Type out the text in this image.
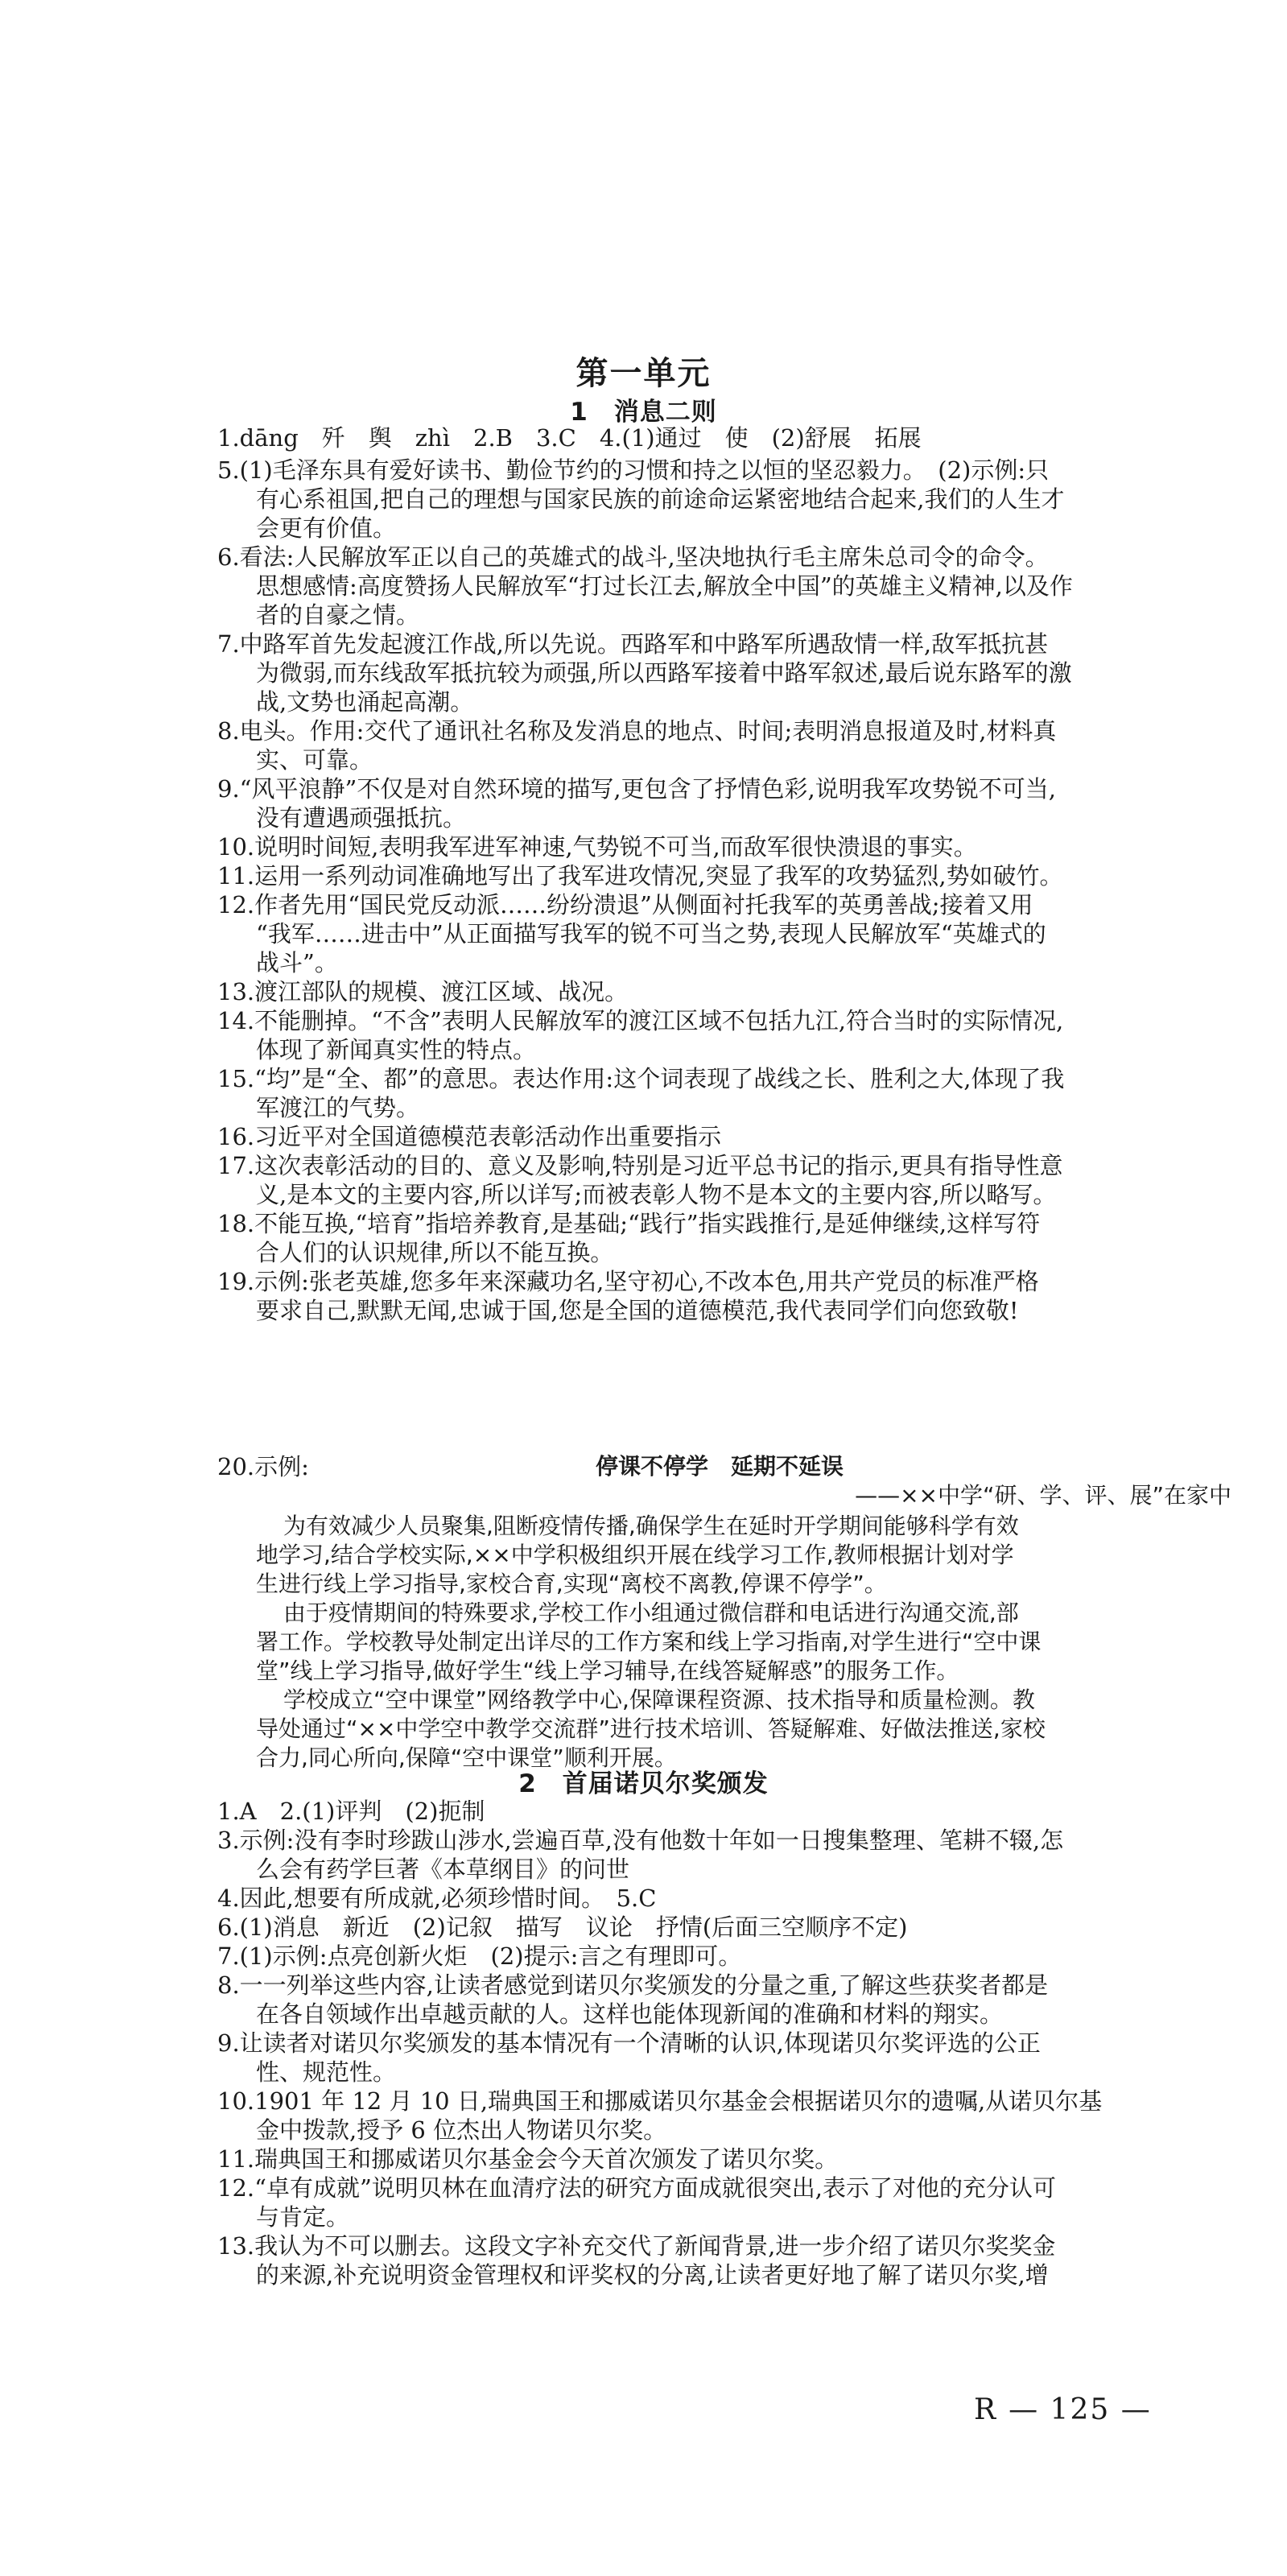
第一单元
1　消息二则
1.dāng　歼　舆　zhì　2.B　3.C　4.(1)通过　使　(2)舒展　拓展
5.(1)毛泽东具有爱好读书、勤俭节约的习惯和持之以恒的坚忍毅力。　(2)示例:只
有心系祖国,把自己的理想与国家民族的前途命运紧密地结合起来,我们的人生才
会更有价值。
6.看法:人民解放军正以自己的英雄式的战斗,坚决地执行毛主席朱总司令的命令。
思想感情:高度赞扬人民解放军“打过长江去,解放全中国”的英雄主义精神,以及作
者的自豪之情。
7.中路军首先发起渡江作战,所以先说。西路军和中路军所遇敌情一样,敌军抵抗甚
为微弱,而东线敌军抵抗较为顽强,所以西路军接着中路军叙述,最后说东路军的激
战,文势也涌起高潮。
8.电头。作用:交代了通讯社名称及发消息的地点、时间;表明消息报道及时,材料真
实、可靠。
9.“风平浪静”不仅是对自然环境的描写,更包含了抒情色彩,说明我军攻势锐不可当,
没有遭遇顽强抵抗。
10.说明时间短,表明我军进军神速,气势锐不可当,而敌军很快溃退的事实。
11.运用一系列动词准确地写出了我军进攻情况,突显了我军的攻势猛烈,势如破竹。
12.作者先用“国民党反动派……纷纷溃退”从侧面衬托我军的英勇善战;接着又用
“我军……进击中”从正面描写我军的锐不可当之势,表现人民解放军“英雄式的
战斗”。
13.渡江部队的规模、渡江区域、战况。
14.不能删掉。“不含”表明人民解放军的渡江区域不包括九江,符合当时的实际情况,
体现了新闻真实性的特点。
15.“均”是“全、都”的意思。表达作用:这个词表现了战线之长、胜利之大,体现了我
军渡江的气势。
16.习近平对全国道德模范表彰活动作出重要指示
17.这次表彰活动的目的、意义及影响,特别是习近平总书记的指示,更具有指导性意
义,是本文的主要内容,所以详写;而被表彰人物不是本文的主要内容,所以略写。
18.不能互换,“培育”指培养教育,是基础;“践行”指实践推行,是延伸继续,这样写符
合人们的认识规律,所以不能互换。
19.示例:张老英雄,您多年来深藏功名,坚守初心,不改本色,用共产党员的标准严格
要求自己,默默无闻,忠诚于国,您是全国的道德模范,我代表同学们向您致敬!
20.示例:	停课不停学　延期不延误
——××中学“研、学、评、展”在家中
为有效减少人员聚集,阻断疫情传播,确保学生在延时开学期间能够科学有效
地学习,结合学校实际,××中学积极组织开展在线学习工作,教师根据计划对学
生进行线上学习指导,家校合育,实现“离校不离教,停课不停学”。
由于疫情期间的特殊要求,学校工作小组通过微信群和电话进行沟通交流,部
署工作。学校教导处制定出详尽的工作方案和线上学习指南,对学生进行“空中课
堂”线上学习指导,做好学生“线上学习辅导,在线答疑解惑”的服务工作。
学校成立“空中课堂”网络教学中心,保障课程资源、技术指导和质量检测。教
导处通过“××中学空中教学交流群”进行技术培训、答疑解难、好做法推送,家校
合力,同心所向,保障“空中课堂”顺利开展。
2　首届诺贝尔奖颁发
1.A　2.(1)评判　(2)扼制
3.示例:没有李时珍跋山涉水,尝遍百草,没有他数十年如一日搜集整理、笔耕不辍,怎
么会有药学巨著《本草纲目》的问世
4.因此,想要有所成就,必须珍惜时间。　5.C
6.(1)消息　新近　(2)记叙　描写　议论　抒情(后面三空顺序不定)
7.(1)示例:点亮创新火炬　(2)提示:言之有理即可。
8.一一列举这些内容,让读者感觉到诺贝尔奖颁发的分量之重,了解这些获奖者都是
在各自领域作出卓越贡献的人。这样也能体现新闻的准确和材料的翔实。
9.让读者对诺贝尔奖颁发的基本情况有一个清晰的认识,体现诺贝尔奖评选的公正
性、规范性。
10.1901 年 12 月 10 日,瑞典国王和挪威诺贝尔基金会根据诺贝尔的遗嘱,从诺贝尔基
金中拨款,授予 6 位杰出人物诺贝尔奖。
11.瑞典国王和挪威诺贝尔基金会今天首次颁发了诺贝尔奖。
12.“卓有成就”说明贝林在血清疗法的研究方面成就很突出,表示了对他的充分认可
与肯定。
13.我认为不可以删去。这段文字补充交代了新闻背景,进一步介绍了诺贝尔奖奖金
的来源,补充说明资金管理权和评奖权的分离,让读者更好地了解了诺贝尔奖,增
R — 125 —
